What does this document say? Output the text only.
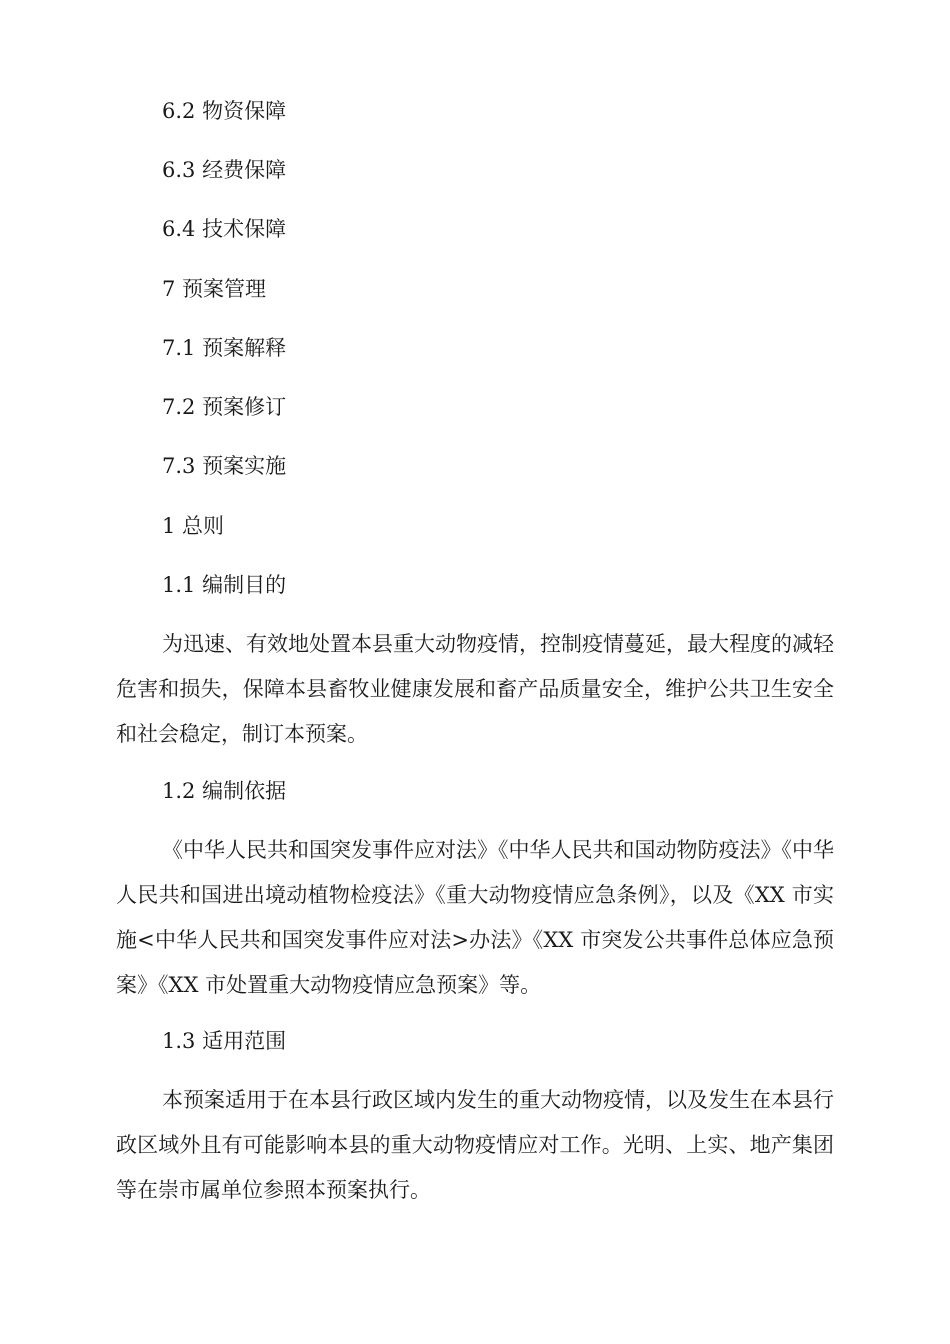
6.2 物资保障
6.3 经费保障
6.4 技术保障
7 预案管理
7.1 预案解释
7.2 预案修订
7.3 预案实施
1 总则
1.1 编制目的

为迅速、有效地处置本县重大动物疫情，控制疫情蔓延，最大程度的减轻危害和损失，保障本县畜牧业健康发展和畜产品质量安全，维护公共卫生安全和社会稳定，制订本预案。

1.2 编制依据

《中华人民共和国突发事件应对法》《中华人民共和国动物防疫法》《中华人民共和国进出境动植物检疫法》《重大动物疫情应急条例》，以及《XX 市实施<中华人民共和国突发事件应对法>办法》《XX 市突发公共事件总体应急预案》《XX 市处置重大动物疫情应急预案》等。

1.3 适用范围

本预案适用于在本县行政区域内发生的重大动物疫情，以及发生在本县行政区域外且有可能影响本县的重大动物疫情应对工作。光明、上实、地产集团等在崇市属单位参照本预案执行。
